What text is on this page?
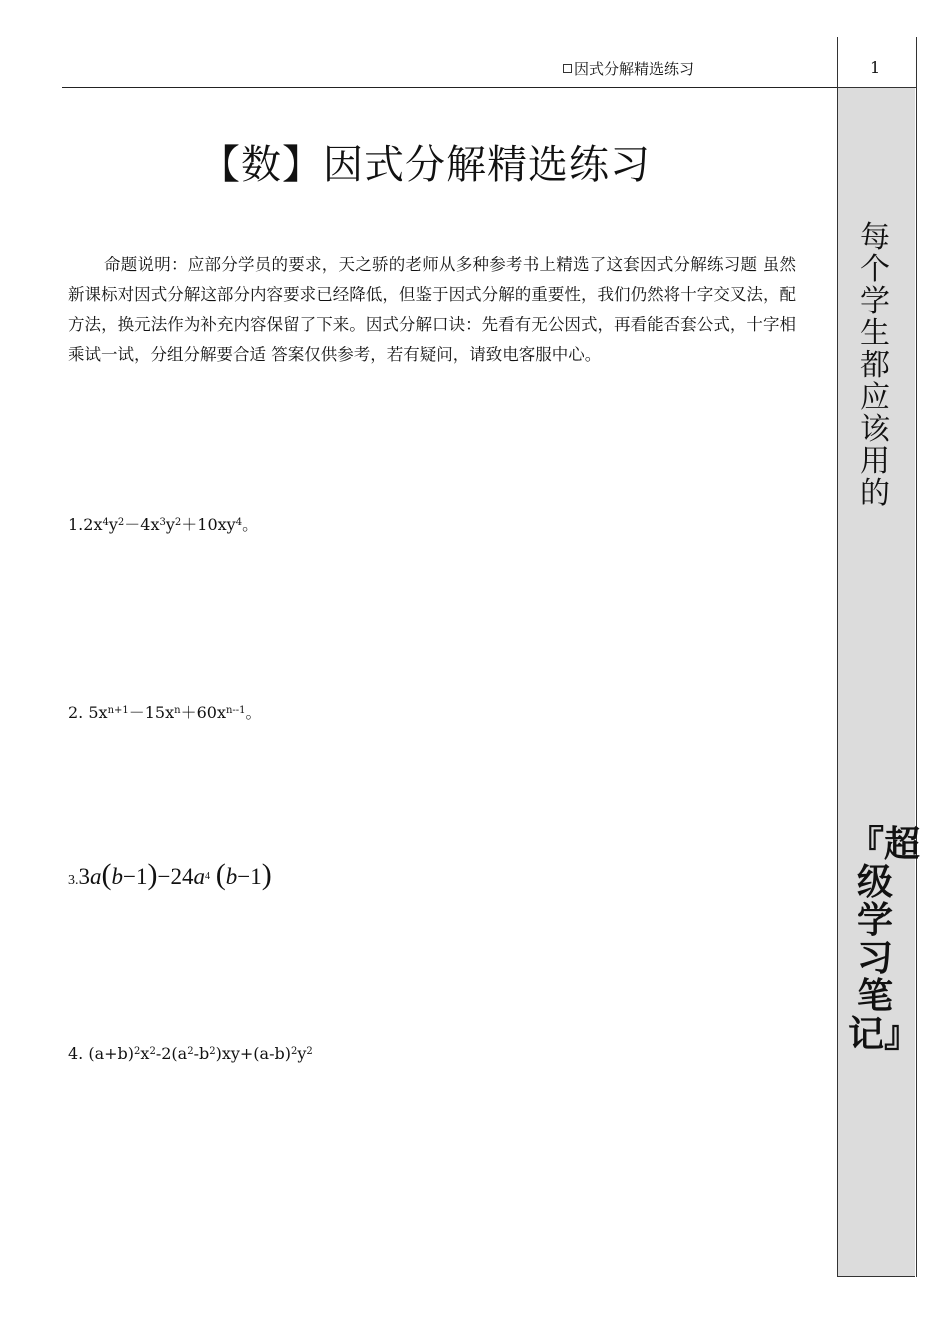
因式分解精选练习	1
每个学生都应该用的
『超级学习笔记』
【数】因式分解精选练习
命题说明：应部分学员的要求，天之骄的老师从多种参考书上精选了这套因式分解练习题 虽然新课标对因式分解这部分内容要求已经降低，但鉴于因式分解的重要性，我们仍然将十字交叉法，配方法，换元法作为补充内容保留了下来。因式分解口诀：先看有无公因式，再看能否套公式，十字相乘试一试，分组分解要合适 答案仅供参考，若有疑问，请致电客服中心。
$1.2x^4y^2-4x^3y^2+10xy^4$。
2. $5x^{n+1}-15x^n+60x^{n--1}$。
$3.3a(b-1)-24a^4$ (b−1)
4. $(a+b)^2x^2-2(a^2-b^2)xy+(a-b)^2y^2$
